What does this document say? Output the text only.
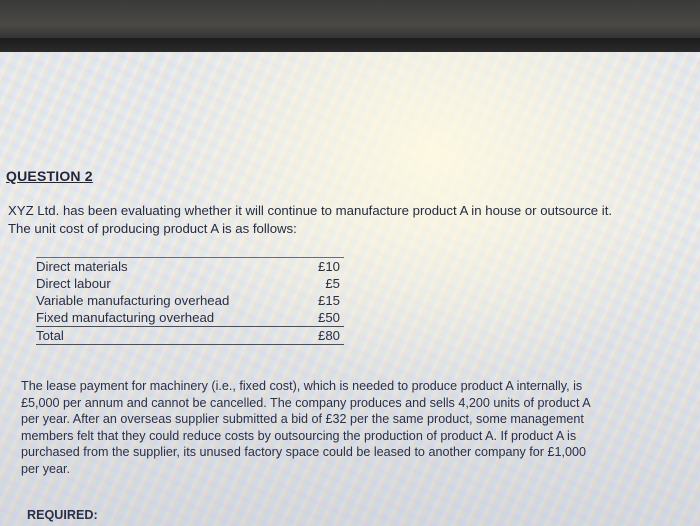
QUESTION 2

XYZ Ltd. has been evaluating whether it will continue to manufacture product A in house or outsource it. The unit cost of producing product A is as follows:

Direct materials	£10
Direct labour	£5
Variable manufacturing overhead	£15
Fixed manufacturing overhead	£50
Total	£80

The lease payment for machinery (i.e., fixed cost), which is needed to produce product A internally, is £5,000 per annum and cannot be cancelled. The company produces and sells 4,200 units of product A per year. After an overseas supplier submitted a bid of £32 per the same product, some management members felt that they could reduce costs by outsourcing the production of product A. If product A is purchased from the supplier, its unused factory space could be leased to another company for £1,000 per year.

REQUIRED:
